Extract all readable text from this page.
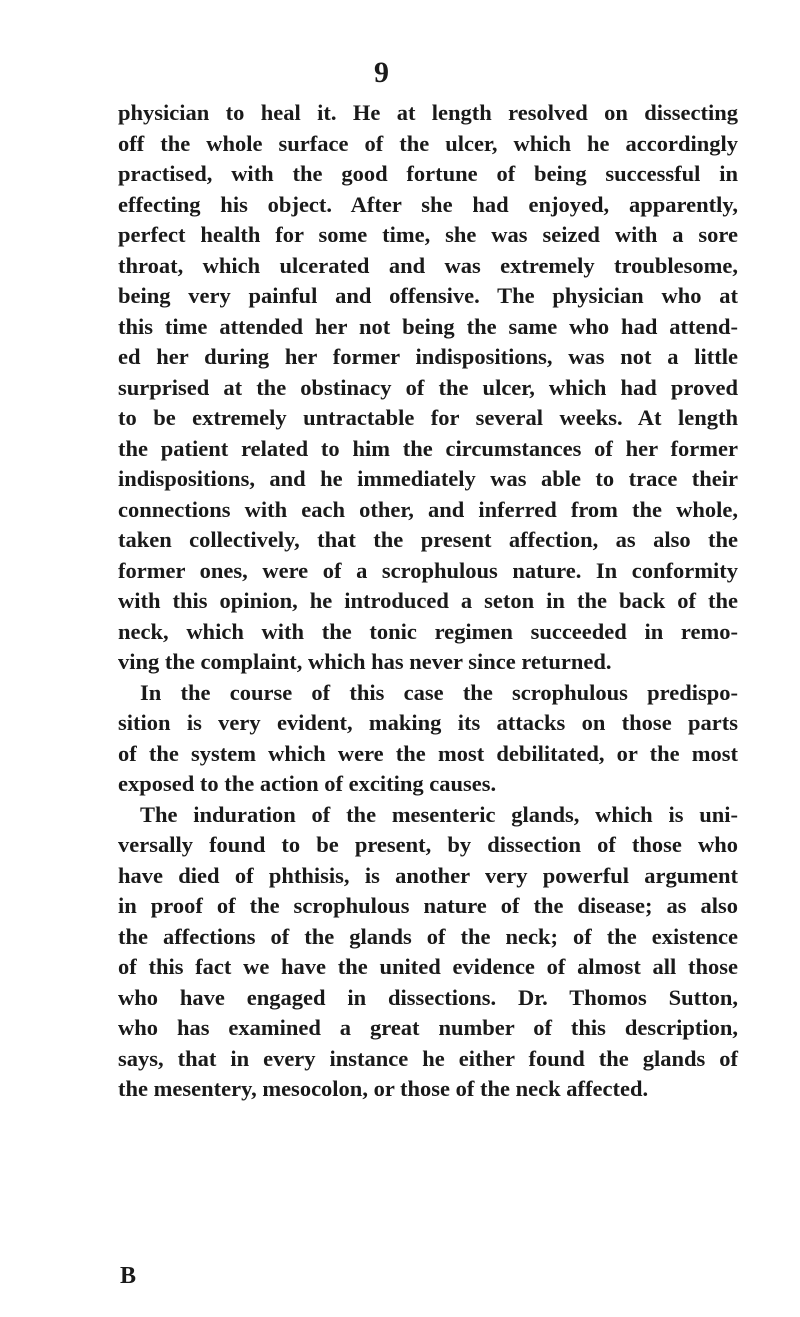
9
physician to heal it. He at length resolved on dissecting
off the whole surface of the ulcer, which he accordingly
practised, with the good fortune of being successful in
effecting his object. After she had enjoyed, apparently,
perfect health for some time, she was seized with a sore
throat, which ulcerated and was extremely troublesome,
being very painful and offensive. The physician who at
this time attended her not being the same who had attend-
ed her during her former indispositions, was not a little
surprised at the obstinacy of the ulcer, which had proved
to be extremely untractable for several weeks. At length
the patient related to him the circumstances of her former
indispositions, and he immediately was able to trace their
connections with each other, and inferred from the whole,
taken collectively, that the present affection, as also the
former ones, were of a scrophulous nature. In conformity
with this opinion, he introduced a seton in the back of the
neck, which with the tonic regimen succeeded in remo-
ving the complaint, which has never since returned.
In the course of this case the scrophulous predispo-
sition is very evident, making its attacks on those parts
of the system which were the most debilitated, or the most
exposed to the action of exciting causes.
The induration of the mesenteric glands, which is uni-
versally found to be present, by dissection of those who
have died of phthisis, is another very powerful argument
in proof of the scrophulous nature of the disease; as also
the affections of the glands of the neck; of the existence
of this fact we have the united evidence of almost all those
who have engaged in dissections. Dr. Thomos Sutton,
who has examined a great number of this description,
says, that in every instance he either found the glands of
the mesentery, mesocolon, or those of the neck affected.
B
